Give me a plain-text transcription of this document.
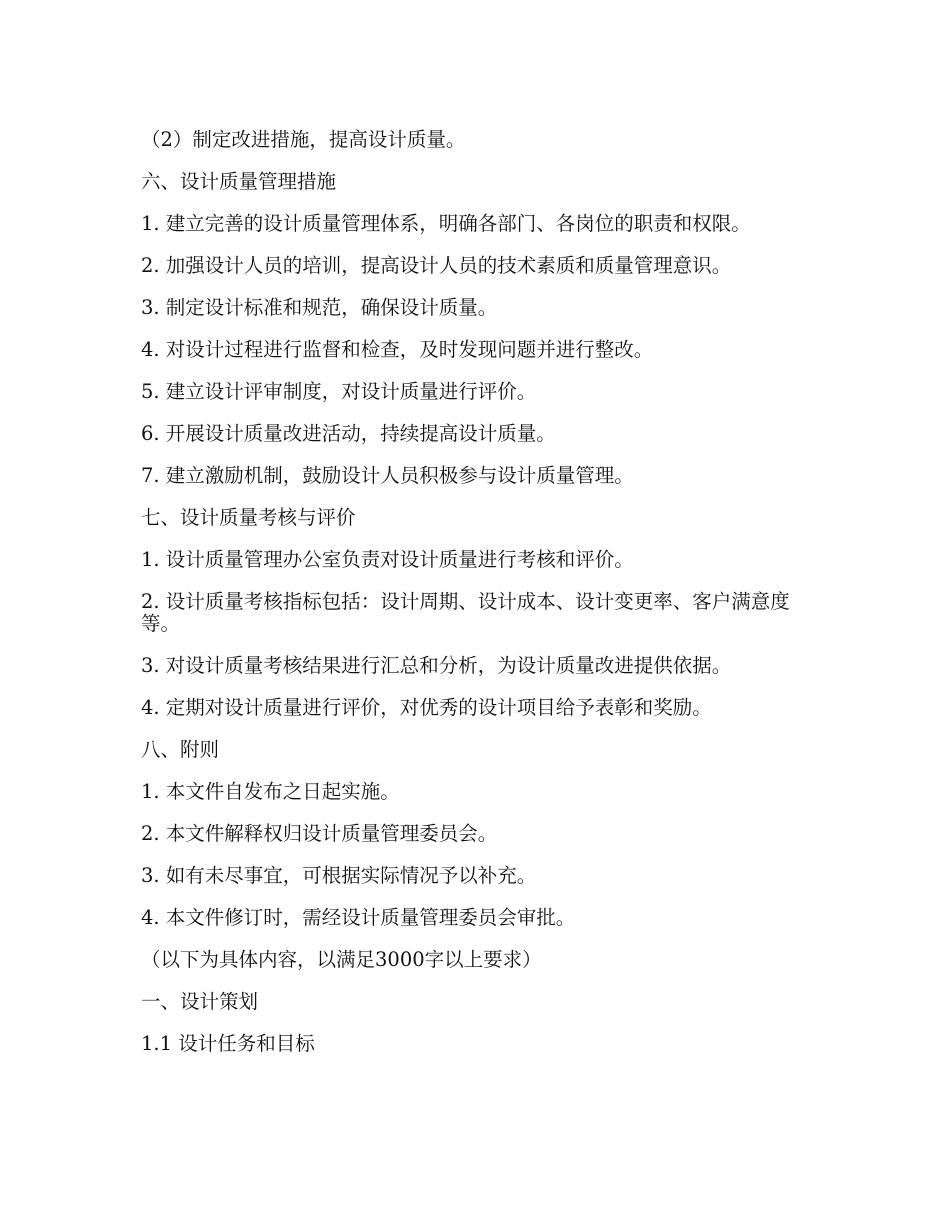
（2）制定改进措施，提高设计质量。

六、设计质量管理措施

1. 建立完善的设计质量管理体系，明确各部门、各岗位的职责和权限。

2. 加强设计人员的培训，提高设计人员的技术素质和质量管理意识。

3. 制定设计标准和规范，确保设计质量。

4. 对设计过程进行监督和检查，及时发现问题并进行整改。

5. 建立设计评审制度，对设计质量进行评价。

6. 开展设计质量改进活动，持续提高设计质量。

7. 建立激励机制，鼓励设计人员积极参与设计质量管理。

七、设计质量考核与评价

1. 设计质量管理办公室负责对设计质量进行考核和评价。

2. 设计质量考核指标包括：设计周期、设计成本、设计变更率、客户满意度等。

3. 对设计质量考核结果进行汇总和分析，为设计质量改进提供依据。

4. 定期对设计质量进行评价，对优秀的设计项目给予表彰和奖励。

八、附则

1. 本文件自发布之日起实施。

2. 本文件解释权归设计质量管理委员会。

3. 如有未尽事宜，可根据实际情况予以补充。

4. 本文件修订时，需经设计质量管理委员会审批。

（以下为具体内容，以满足3000字以上要求）

一、设计策划

1.1 设计任务和目标
